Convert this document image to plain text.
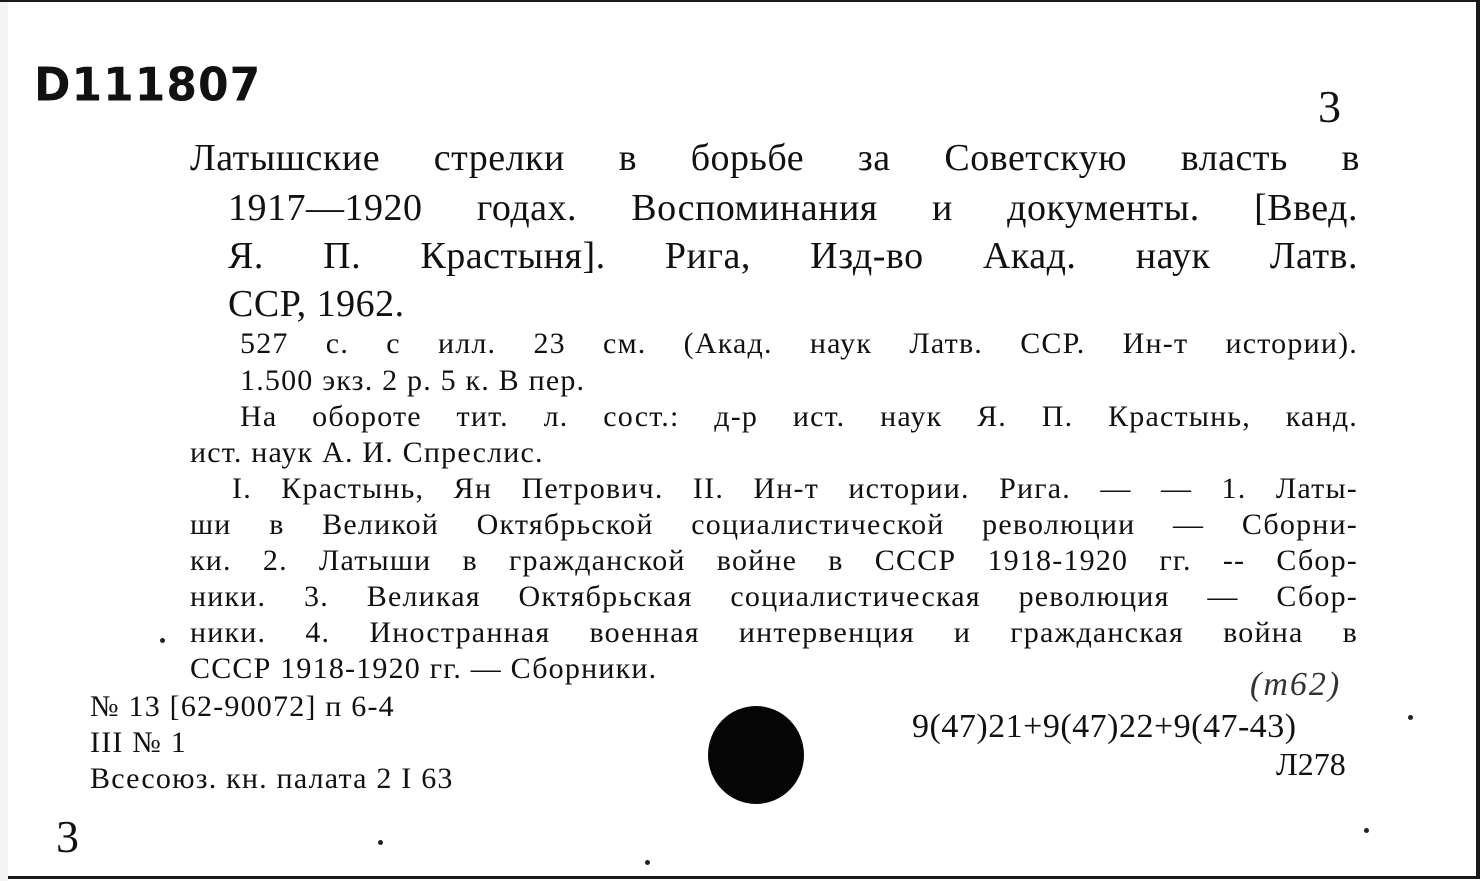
D111807	3
Латышские стрелки в борьбе за Советскую власть в
1917—1920 годах. Воспоминания и документы. [Введ.
Я. П. Крастыня]. Рига, Изд-во Акад. наук Латв.
ССР, 1962.
527 с. с илл. 23 см. (Акад. наук Латв. ССР. Ин-т истории).
1.500 экз. 2 р. 5 к. В пер.
На обороте тит. л. сост.: д-р ист. наук Я. П. Крастынь, канд.
ист. наук А. И. Спреслис.
I. Крастынь, Ян Петрович. II. Ин-т истории. Рига. — — 1. Латы-
ши в Великой Октябрьской социалистической революции — Сборни-
ки. 2. Латыши в гражданской войне в СССР 1918-1920 гг. -- Сбор-
ники. 3. Великая Октябрьская социалистическая революция — Сбор-
ники. 4. Иностранная военная интервенция и гражданская война в
СССР 1918-1920 гг. — Сборники.
№ 13 [62-90072] п 6-4
III № 1
Всесоюз. кн. палата 2 I 63
(т62)
9(47)21+9(47)22+9(47-43)
Л278
3
